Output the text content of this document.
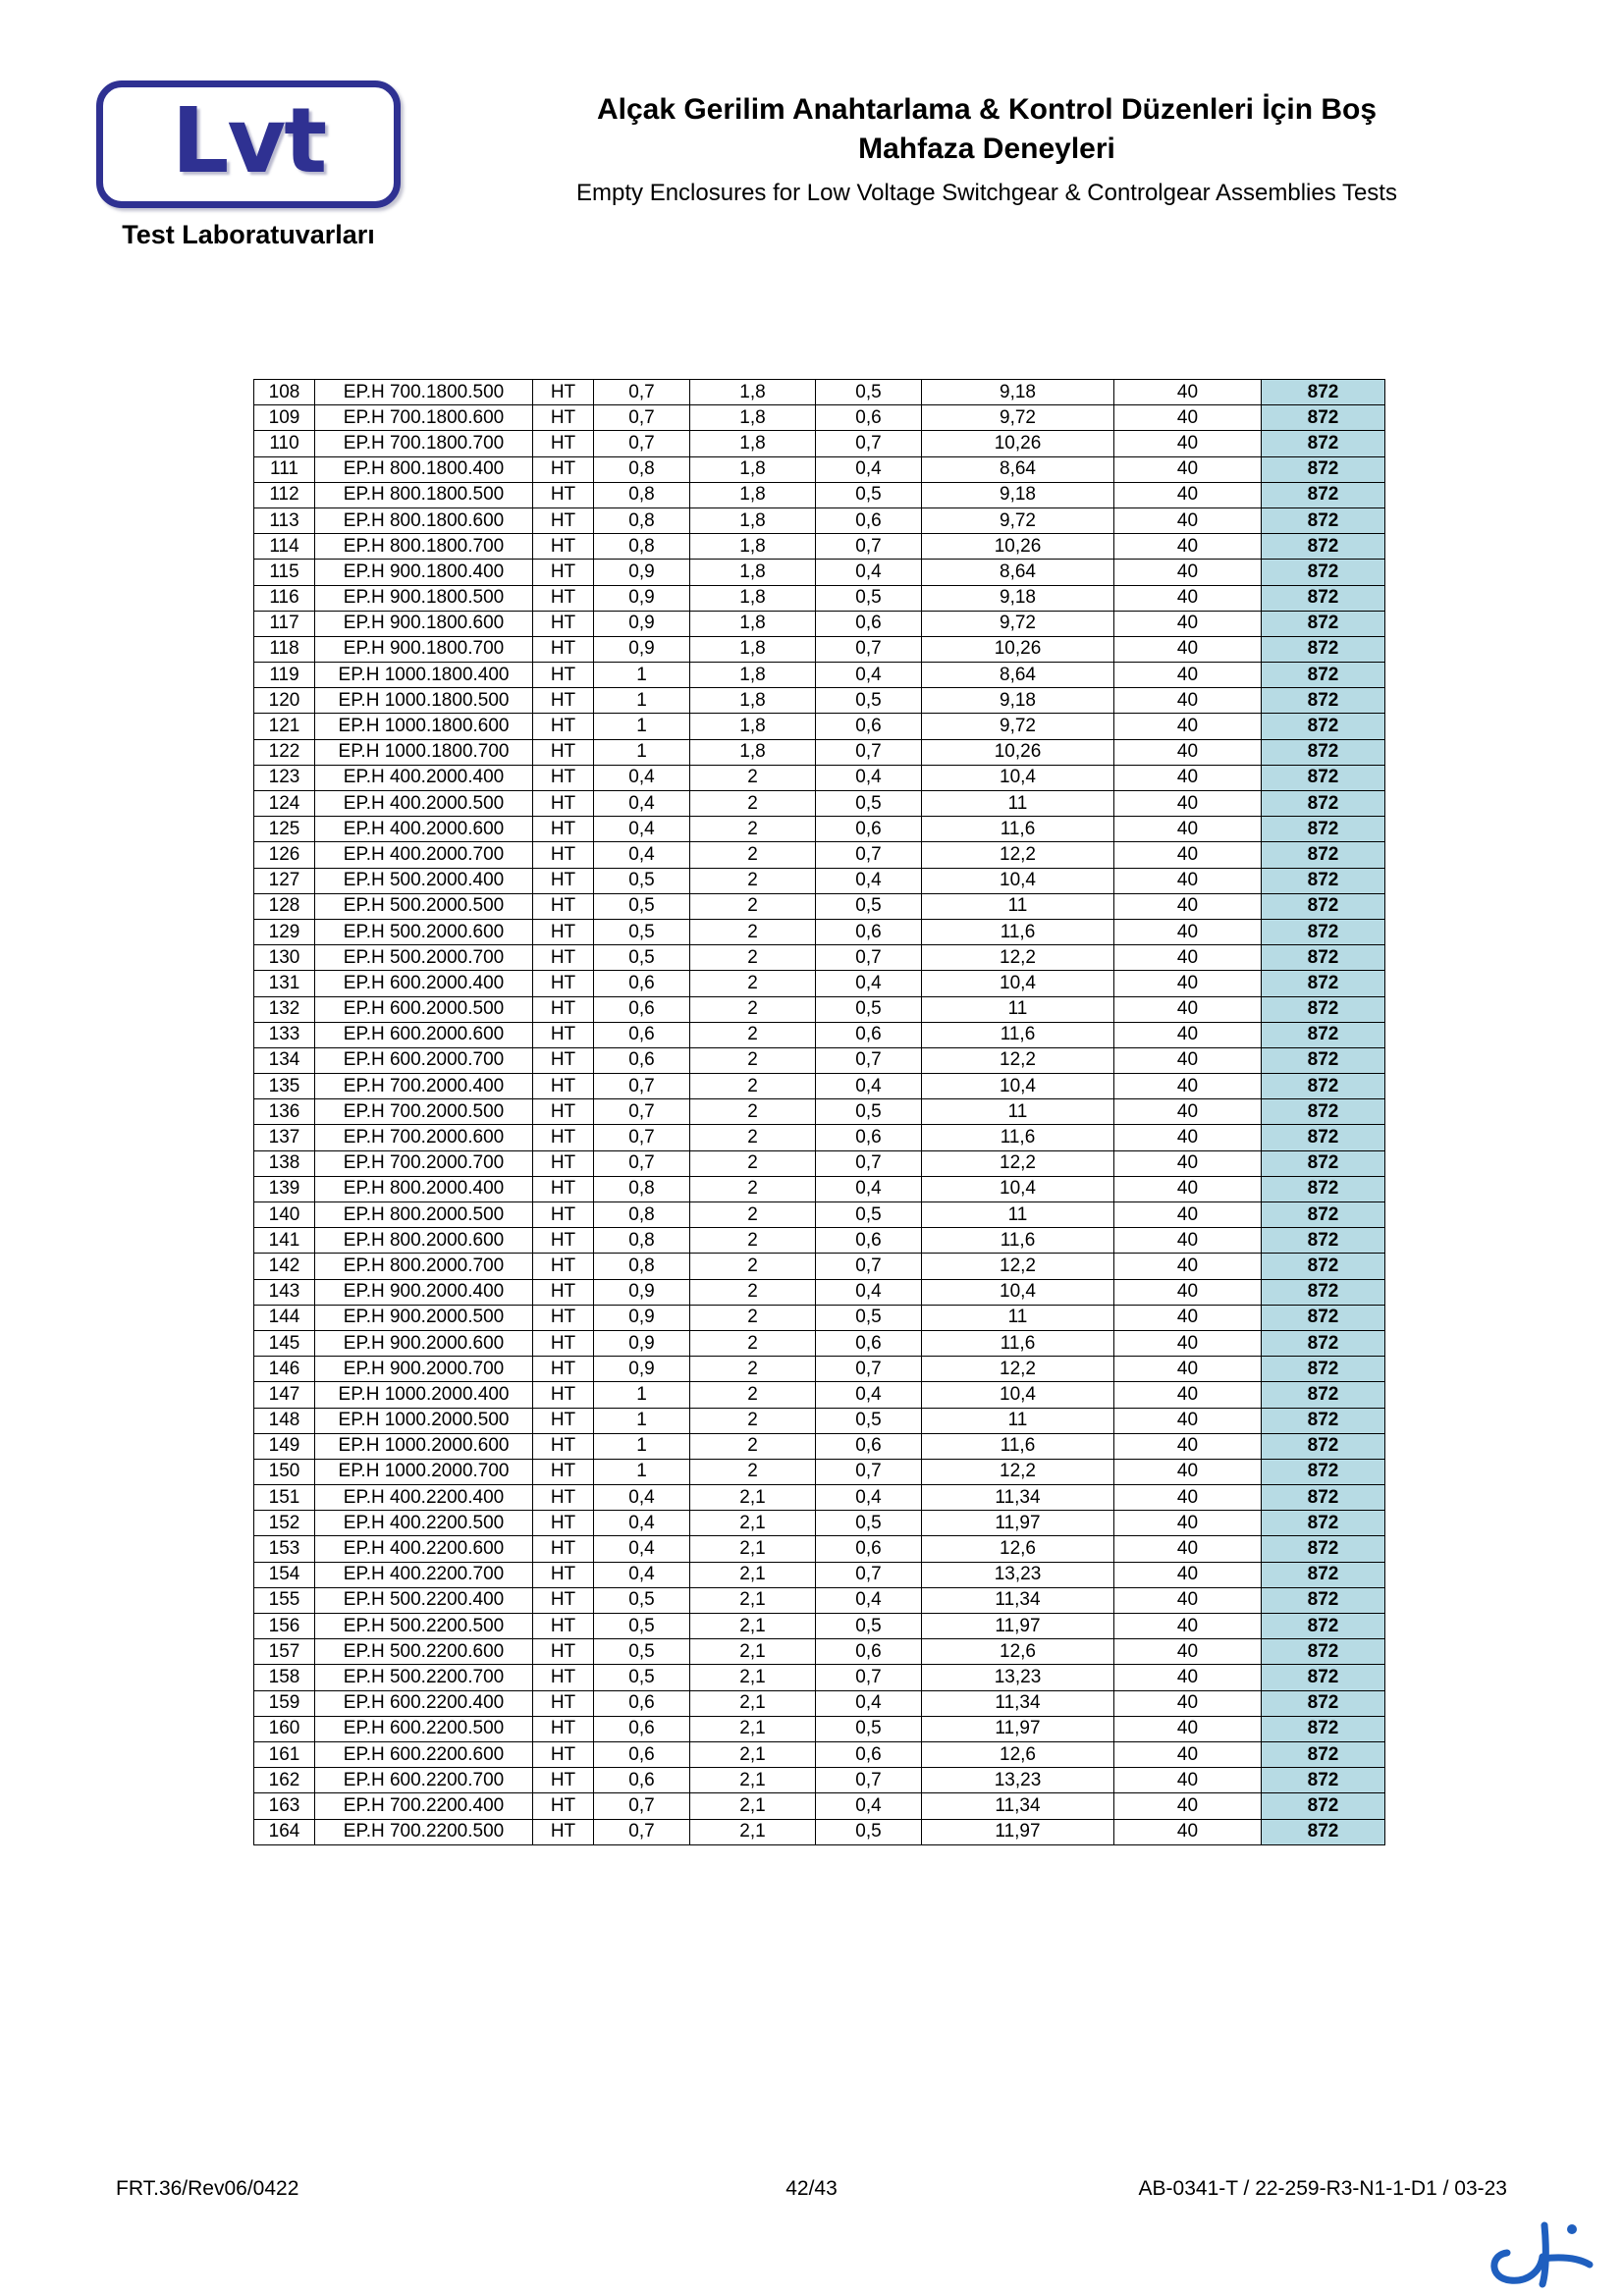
Lvt
Test Laboratuvarları
Alçak Gerilim Anahtarlama & Kontrol Düzenleri İçin Boş
Mahfaza Deneyleri
Empty Enclosures for Low Voltage Switchgear & Controlgear Assemblies Tests
108	EP.H 700.1800.500	HT	0,7	1,8	0,5	9,18	40	872
109	EP.H 700.1800.600	HT	0,7	1,8	0,6	9,72	40	872
110	EP.H 700.1800.700	HT	0,7	1,8	0,7	10,26	40	872
111	EP.H 800.1800.400	HT	0,8	1,8	0,4	8,64	40	872
112	EP.H 800.1800.500	HT	0,8	1,8	0,5	9,18	40	872
113	EP.H 800.1800.600	HT	0,8	1,8	0,6	9,72	40	872
114	EP.H 800.1800.700	HT	0,8	1,8	0,7	10,26	40	872
115	EP.H 900.1800.400	HT	0,9	1,8	0,4	8,64	40	872
116	EP.H 900.1800.500	HT	0,9	1,8	0,5	9,18	40	872
117	EP.H 900.1800.600	HT	0,9	1,8	0,6	9,72	40	872
118	EP.H 900.1800.700	HT	0,9	1,8	0,7	10,26	40	872
119	EP.H 1000.1800.400	HT	1	1,8	0,4	8,64	40	872
120	EP.H 1000.1800.500	HT	1	1,8	0,5	9,18	40	872
121	EP.H 1000.1800.600	HT	1	1,8	0,6	9,72	40	872
122	EP.H 1000.1800.700	HT	1	1,8	0,7	10,26	40	872
123	EP.H 400.2000.400	HT	0,4	2	0,4	10,4	40	872
124	EP.H 400.2000.500	HT	0,4	2	0,5	11	40	872
125	EP.H 400.2000.600	HT	0,4	2	0,6	11,6	40	872
126	EP.H 400.2000.700	HT	0,4	2	0,7	12,2	40	872
127	EP.H 500.2000.400	HT	0,5	2	0,4	10,4	40	872
128	EP.H 500.2000.500	HT	0,5	2	0,5	11	40	872
129	EP.H 500.2000.600	HT	0,5	2	0,6	11,6	40	872
130	EP.H 500.2000.700	HT	0,5	2	0,7	12,2	40	872
131	EP.H 600.2000.400	HT	0,6	2	0,4	10,4	40	872
132	EP.H 600.2000.500	HT	0,6	2	0,5	11	40	872
133	EP.H 600.2000.600	HT	0,6	2	0,6	11,6	40	872
134	EP.H 600.2000.700	HT	0,6	2	0,7	12,2	40	872
135	EP.H 700.2000.400	HT	0,7	2	0,4	10,4	40	872
136	EP.H 700.2000.500	HT	0,7	2	0,5	11	40	872
137	EP.H 700.2000.600	HT	0,7	2	0,6	11,6	40	872
138	EP.H 700.2000.700	HT	0,7	2	0,7	12,2	40	872
139	EP.H 800.2000.400	HT	0,8	2	0,4	10,4	40	872
140	EP.H 800.2000.500	HT	0,8	2	0,5	11	40	872
141	EP.H 800.2000.600	HT	0,8	2	0,6	11,6	40	872
142	EP.H 800.2000.700	HT	0,8	2	0,7	12,2	40	872
143	EP.H 900.2000.400	HT	0,9	2	0,4	10,4	40	872
144	EP.H 900.2000.500	HT	0,9	2	0,5	11	40	872
145	EP.H 900.2000.600	HT	0,9	2	0,6	11,6	40	872
146	EP.H 900.2000.700	HT	0,9	2	0,7	12,2	40	872
147	EP.H 1000.2000.400	HT	1	2	0,4	10,4	40	872
148	EP.H 1000.2000.500	HT	1	2	0,5	11	40	872
149	EP.H 1000.2000.600	HT	1	2	0,6	11,6	40	872
150	EP.H 1000.2000.700	HT	1	2	0,7	12,2	40	872
151	EP.H 400.2200.400	HT	0,4	2,1	0,4	11,34	40	872
152	EP.H 400.2200.500	HT	0,4	2,1	0,5	11,97	40	872
153	EP.H 400.2200.600	HT	0,4	2,1	0,6	12,6	40	872
154	EP.H 400.2200.700	HT	0,4	2,1	0,7	13,23	40	872
155	EP.H 500.2200.400	HT	0,5	2,1	0,4	11,34	40	872
156	EP.H 500.2200.500	HT	0,5	2,1	0,5	11,97	40	872
157	EP.H 500.2200.600	HT	0,5	2,1	0,6	12,6	40	872
158	EP.H 500.2200.700	HT	0,5	2,1	0,7	13,23	40	872
159	EP.H 600.2200.400	HT	0,6	2,1	0,4	11,34	40	872
160	EP.H 600.2200.500	HT	0,6	2,1	0,5	11,97	40	872
161	EP.H 600.2200.600	HT	0,6	2,1	0,6	12,6	40	872
162	EP.H 600.2200.700	HT	0,6	2,1	0,7	13,23	40	872
163	EP.H 700.2200.400	HT	0,7	2,1	0,4	11,34	40	872
164	EP.H 700.2200.500	HT	0,7	2,1	0,5	11,97	40	872
FRT.36/Rev06/0422	42/43	AB-0341-T / 22-259-R3-N1-1-D1 / 03-23
